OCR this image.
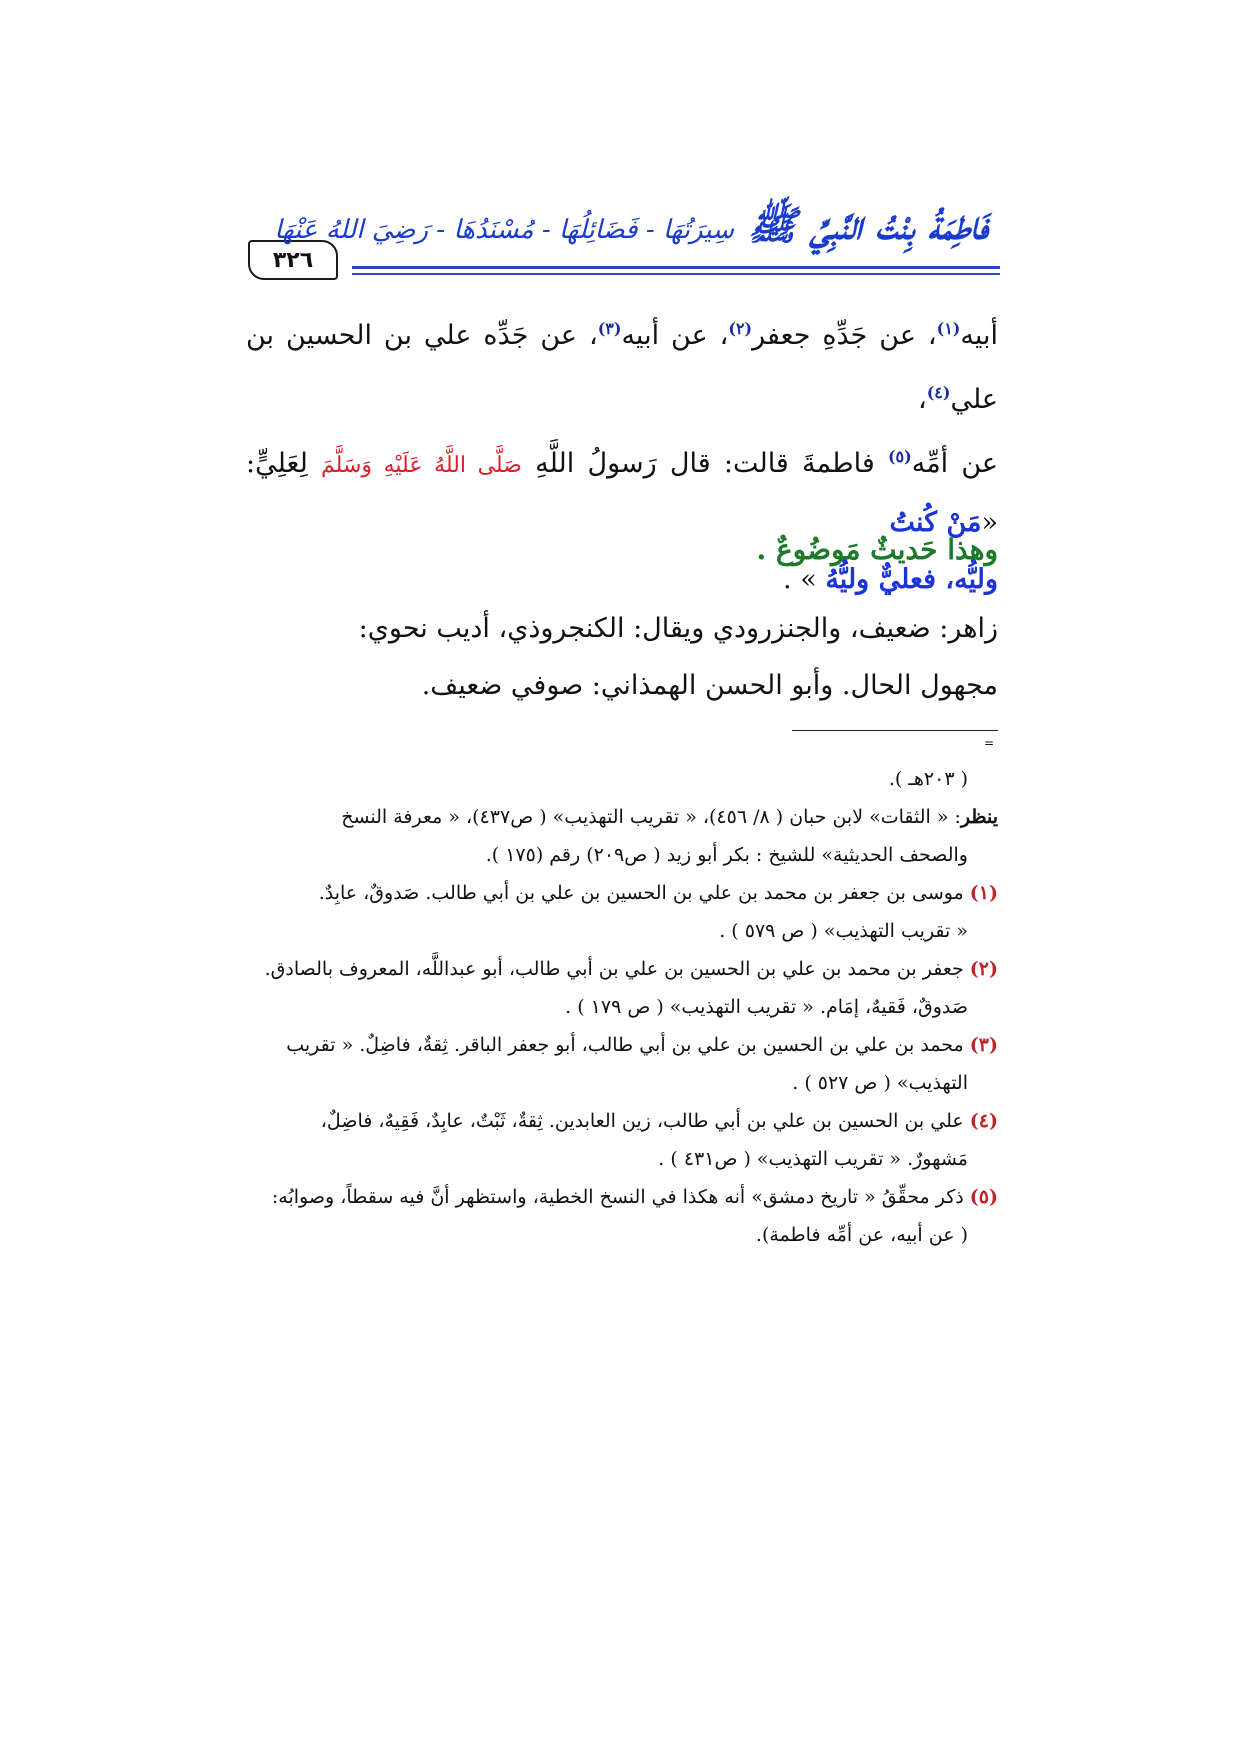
٣٢٦
فَاطِمَةُ بِنْتُ النَّبِيِّ ﷺ
سِيرَتُهَا - فَضَائِلُهَا - مُسْنَدُهَا - رَضِيَ اللهُ عَنْهَا

أبيه$^{(١)}$، عن جَدِّهِ جعفر$^{(٢)}$، عن أبيه$^{(٣)}$، عن جَدِّه علي بن الحسين بن علي$^{(٤)}$،

عن أمِّه$^{(٥)}$ فاطمةَ قالت: قال رَسولُ اللَّهِ صَلَّى اللَّهُ عَلَيْهِ وَسَلَّمَ لِعَلِيٍّ: «مَنْ كُنتُ

وليُّه، فعليٌّ وليُّهُ » .

وهذا حَديثٌ مَوضُوعٌ .

زاهر: ضعيف، والجنزرودي ويقال: الكنجروذي، أديب نحوي:

مجهول الحال. وأبو الحسن الهمذاني: صوفي ضعيف.

=

( ٢٠٣هـ ).

ينظر: « الثقات» لابن حبان ( ٨/ ٤٥٦)، « تقريب التهذيب» ( ص٤٣٧)، « معرفة النسخ

والصحف الحديثية» للشيخ : بكر أبو زيد ( ص٢٠٩) رقم (١٧٥ ).

(١) موسى بن جعفر بن محمد بن علي بن الحسين بن علي بن أبي طالب. صَدوقٌ، عابِدٌ.

« تقريب التهذيب» ( ص ٥٧٩ ) .

(٢) جعفر بن محمد بن علي بن الحسين بن علي بن أبي طالب، أبو عبداللَّه، المعروف بالصادق.

صَدوقٌ، فَقيهٌ، إمَام. « تقريب التهذيب» ( ص ١٧٩ ) .

(٣) محمد بن علي بن الحسين بن علي بن أبي طالب، أبو جعفر الباقر. ثِقةٌ، فاضِلٌ. « تقريب

التهذيب» ( ص ٥٢٧ ) .

(٤) علي بن الحسين بن علي بن أبي طالب، زين العابدين. ثِقةٌ، ثَبْتٌ، عابِدٌ، فَقِيهٌ، فاضِلٌ،

مَشهورٌ. « تقريب التهذيب» ( ص٤٣١ ) .

(٥) ذكر محقِّقُ « تاريخ دمشق» أنه هكذا في النسخ الخطية، واستظهر أنَّ فيه سقطاً، وصوابُه:

( عن أبيه، عن أمِّه فاطمة).
